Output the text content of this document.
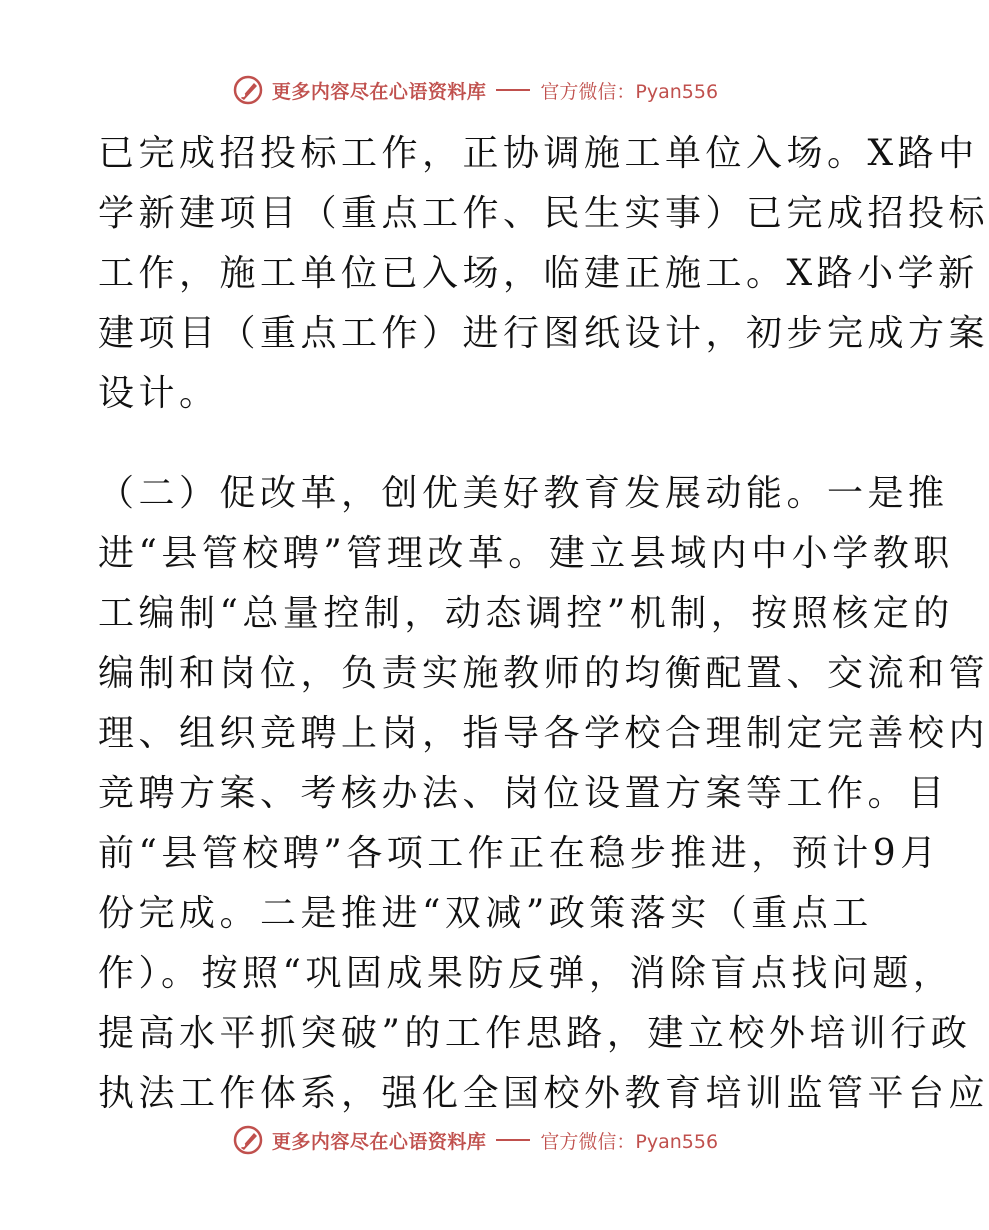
更多内容尽在心语资料库	官方微信：Pyan556
已完成招投标工作，正协调施工单位入场。X路中
学新建项目（重点工作、民生实事）已完成招投标
工作，施工单位已入场，临建正施工。X路小学新
建项目（重点工作）进行图纸设计，初步完成方案
设计。
（二）促改革，创优美好教育发展动能。一是推
进“县管校聘”管理改革。建立县域内中小学教职
工编制“总量控制，动态调控”机制，按照核定的
编制和岗位，负责实施教师的均衡配置、交流和管
理、组织竞聘上岗，指导各学校合理制定完善校内
竞聘方案、考核办法、岗位设置方案等工作。目
前“县管校聘”各项工作正在稳步推进，预计9月
份完成。二是推进“双减”政策落实（重点工
作）。按照“巩固成果防反弹，消除盲点找问题，
提高水平抓突破”的工作思路，建立校外培训行政
执法工作体系，强化全国校外教育培训监管平台应
更多内容尽在心语资料库	官方微信：Pyan556
